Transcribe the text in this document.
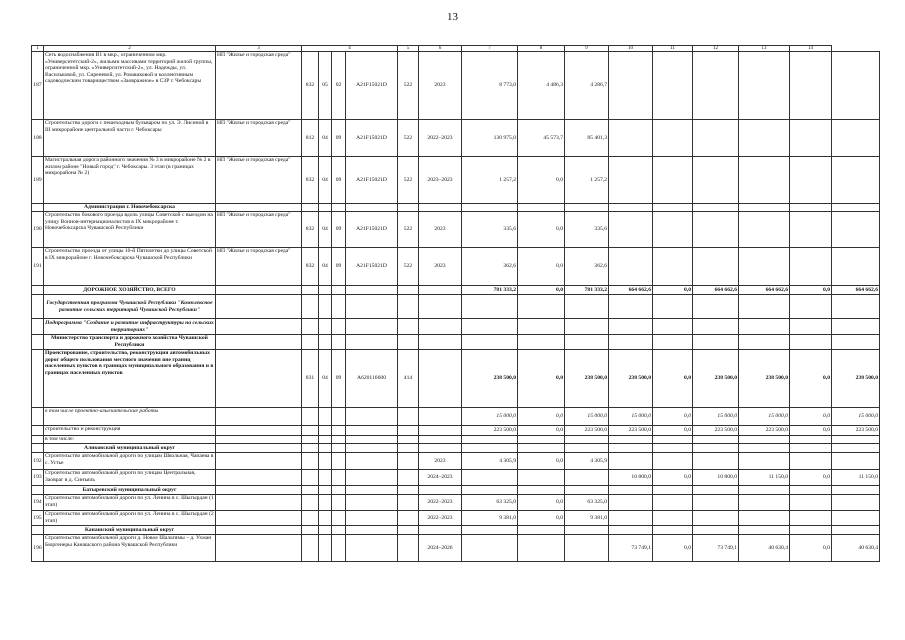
13
1	2	3	4				5	6	7	8	9	10	11	12	13	14	
187	Сеть водоснабжения В1 в мкр., ограниченном мкр. «Университетский-2», жилыми массивами территорий жилой группы, ограниченной мкр. «Университетский-2», ул. Надежды, ул. Васильковой, ул. Сиреневой, ул. Ромашковой и коллективным садоводческим товариществом «Заовражное» в СЗР г. Чебоксары	НП "Жилье и городская среда"	832	05	02	A21F15021D	522	2023	8 773,0	4 486,3	4 286,7						
188	Строительство дороги с пешеходным бульваром по ул. Э. Лисиной в III микрорайоне центральной части г. Чебоксары	НП "Жилье и городская среда"	812	04	09	A21F15021D	522	2022–2023	130 975,0	45 573,7	85 401,3						
189	Магистральная дорога районного значения № 3 в микрорайоне № 2 в жилом районе "Новый город" г. Чебоксары. 3 этап (в границах микрорайона № 2)	НП "Жилье и городская среда"	832	04	09	A21F15021D	522	2023–2023	1 257,2	0,0	1 257,2						
	Администрация г. Новочебоксарска																
190	Строительство бокового проезда вдоль улицы Советской с выездом на улицу Воинов-интернационалистов в IX микрорайоне г. Новочебоксарска Чувашской Республики	НП "Жилье и городская среда"	832	04	09	A21F15021D	522	2023	335,6	0,0	335,6						
191	Строительство проезда от улицы 10-й Пятилетки до улицы Советской в IX микрорайоне г. Новочебоксарска Чувашской Республики	НП "Жилье и городская среда"	832	04	09	A21F15021D	522	2023	362,6	0,0	362,6						
	ДОРОЖНОЕ ХОЗЯЙСТВО, ВСЕГО								781 333,2	0,0	781 333,2	664 662,6	0,0	664 662,6	664 662,6	0,0	664 662,6
	Государственная программа Чувашской Республики "Комплексное развитие сельских территорий Чувашской Республики"																
	Подпрограмма "Создание и развитие инфраструктуры на сельских территориях"																
	Министерство транспорта и дорожного хозяйства Чувашской Республики																
	Проектирование, строительство, реконструкция автомобильных дорог общего пользования местного значения вне границ населенных пунктов в границах муниципального образования и в границах населенных пунктов		831	04	09	A620116600	414		238 500,0	0,0	238 500,0	238 500,0	0,0	238 500,0	238 500,0	0,0	238 500,0
	в том числе проектно-изыскательские работы								15 000,0	0,0	15 000,0	15 000,0	0,0	15 000,0	15 000,0	0,0	15 000,0
	строительство и реконструкция								223 500,0	0,0	223 500,0	223 500,0	0,0	223 500,0	223 500,0	0,0	223 500,0
	в том числе:																
	Аликовский муниципальный округ																
192	Строительство автомобильной дороги по улицам Школьная, Чапаева в с. Устье							2023	4 305,9	0,0	4 305,9						
193	Строительство автомобильной дороги по улицам Центральная, Заовраг в д. Синъяль							2024–2023				10 800,0	0,0	10 800,0	11 150,0	0,0	11 150,0
	Батыревский муниципальный округ																
194	Строительство автомобильной дороги по ул. Ленина в с. Шыгырдан (1 этап)							2022–2023	63 325,0	0,0	63 325,0						
195	Строительство автомобильной дороги по ул. Ленина в с. Шыгырдан (2 этап)							2022–2023	9 381,0	0,0	9 381,0						
	Канашский муниципальный округ																
196	Строительство автомобильной дороги д. Новое Шальтямы – д. Ухман Бюргенеры Канашского района Чувашской Республики							2024–2026				73 749,1	0,0	73 749,1	40 630,4	0,0	40 630,4
